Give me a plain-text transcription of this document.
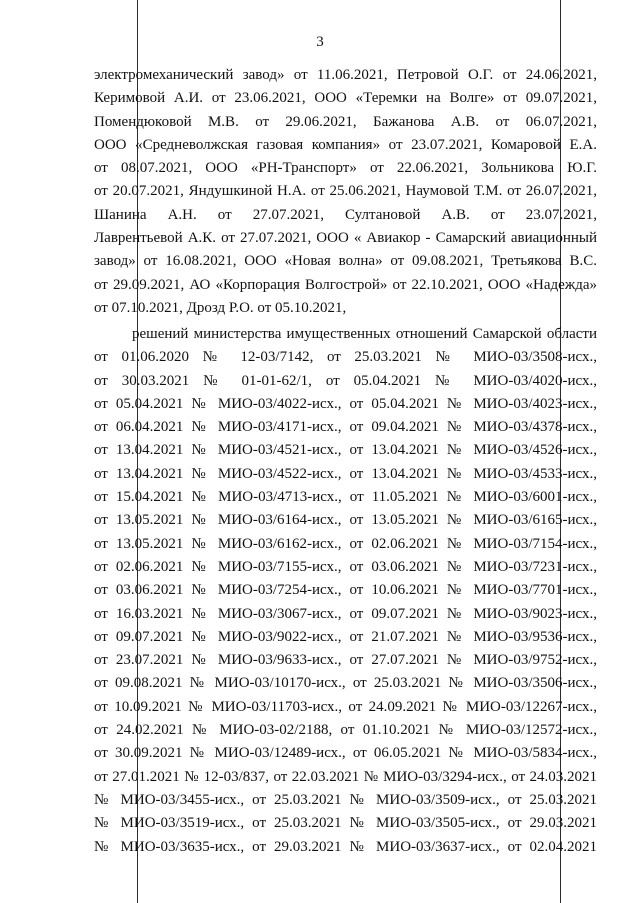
3
электромеханический завод» от 11.06.2021, Петровой О.Г. от 24.06.2021,
Керимовой А.И. от 23.06.2021, ООО «Теремки на Волге» от 09.07.2021,
Помендюковой М.В. от 29.06.2021, Бажанова А.В. от 06.07.2021,
ООО «Средневолжская газовая компания» от 23.07.2021, Комаровой Е.А.
от 08.07.2021, ООО «РН-Транспорт» от 22.06.2021, Зольникова Ю.Г.
от 20.07.2021, Яндушкиной Н.А. от 25.06.2021, Наумовой Т.М. от 26.07.2021,
Шанина А.Н. от 27.07.2021, Султановой А.В. от 23.07.2021,
Лаврентьевой А.К. от 27.07.2021, ООО « Авиакор - Самарский авиационный
завод» от 16.08.2021, ООО «Новая волна» от 09.08.2021, Третьякова В.С.
от 29.09.2021, АО «Корпорация Волгострой» от 22.10.2021, ООО «Надежда»
от 07.10.2021, Дрозд Р.О. от 05.10.2021,
решений министерства имущественных отношений Самарской области
от 01.06.2020 № 12-03/7142, от 25.03.2021 № МИО-03/3508-исх.,
от 30.03.2021 № 01-01-62/1, от 05.04.2021 № МИО-03/4020-исх.,
от 05.04.2021 № МИО-03/4022-исх., от 05.04.2021 № МИО-03/4023-исх.,
от 06.04.2021 № МИО-03/4171-исх., от 09.04.2021 № МИО-03/4378-исх.,
от 13.04.2021 № МИО-03/4521-исх., от 13.04.2021 № МИО-03/4526-исх.,
от 13.04.2021 № МИО-03/4522-исх., от 13.04.2021 № МИО-03/4533-исх.,
от 15.04.2021 № МИО-03/4713-исх., от 11.05.2021 № МИО-03/6001-исх.,
от 13.05.2021 № МИО-03/6164-исх., от 13.05.2021 № МИО-03/6165-исх.,
от 13.05.2021 № МИО-03/6162-исх., от 02.06.2021 № МИО-03/7154-исх.,
от 02.06.2021 № МИО-03/7155-исх., от 03.06.2021 № МИО-03/7231-исх.,
от 03.06.2021 № МИО-03/7254-исх., от 10.06.2021 № МИО-03/7701-исх.,
от 16.03.2021 № МИО-03/3067-исх., от 09.07.2021 № МИО-03/9023-исх.,
от 09.07.2021 № МИО-03/9022-исх., от 21.07.2021 № МИО-03/9536-исх.,
от 23.07.2021 № МИО-03/9633-исх., от 27.07.2021 № МИО-03/9752-исх.,
от 09.08.2021 № МИО-03/10170-исх., от 25.03.2021 № МИО-03/3506-исх.,
от 10.09.2021 № МИО-03/11703-исх., от 24.09.2021 № МИО-03/12267-исх.,
от 24.02.2021 № МИО-03-02/2188, от 01.10.2021 № МИО-03/12572-исх.,
от 30.09.2021 № МИО-03/12489-исх., от 06.05.2021 № МИО-03/5834-исх.,
от 27.01.2021 № 12-03/837, от 22.03.2021 № МИО-03/3294-исх., от 24.03.2021
№ МИО-03/3455-исх., от 25.03.2021 № МИО-03/3509-исх., от 25.03.2021
№ МИО-03/3519-исх., от 25.03.2021 № МИО-03/3505-исх., от 29.03.2021
№ МИО-03/3635-исх., от 29.03.2021 № МИО-03/3637-исх., от 02.04.2021
